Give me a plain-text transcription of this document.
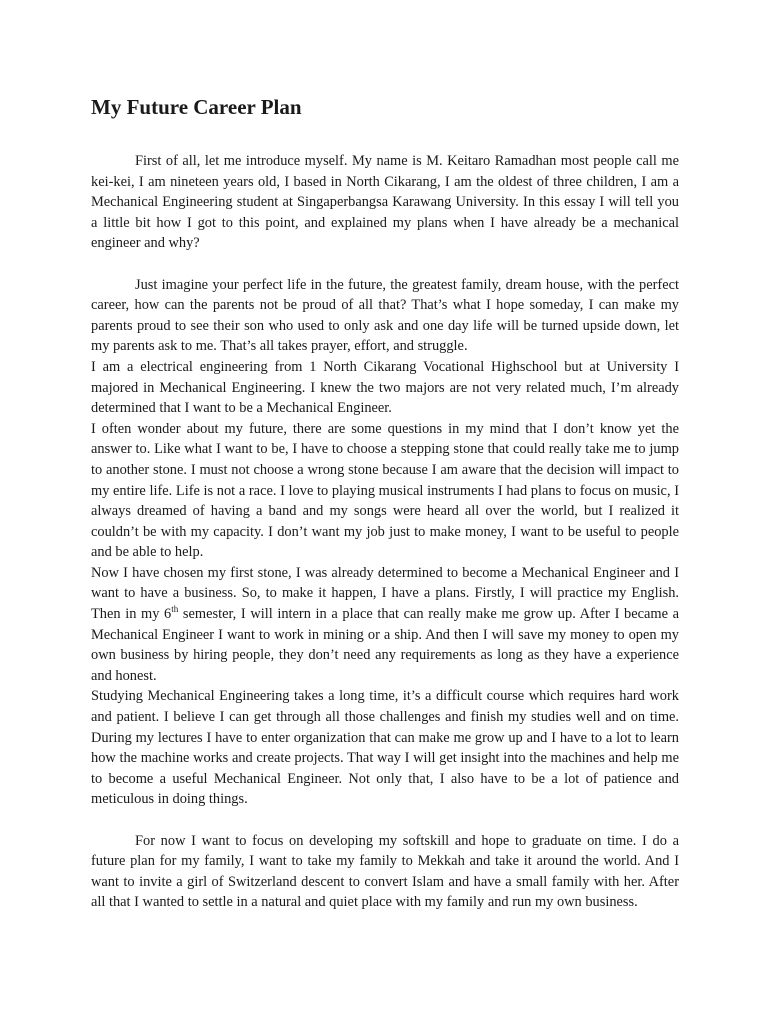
My Future Career Plan

First of all, let me introduce myself. My name is M. Keitaro Ramadhan most people call me kei-kei, I am nineteen years old, I based in North Cikarang, I am the oldest of three children, I am a Mechanical Engineering student at Singaperbangsa Karawang University. In this essay I will tell you a little bit how I got to this point, and explained my plans when I have already be a mechanical engineer and why?

Just imagine your perfect life in the future, the greatest family, dream house, with the perfect career, how can the parents not be proud of all that? That’s what I hope someday, I can make my parents proud to see their son who used to only ask and one day life will be turned upside down, let my parents ask to me. That’s all takes prayer, effort, and struggle.

I am a electrical engineering from 1 North Cikarang Vocational Highschool but at University I majored in Mechanical Engineering. I knew the two majors are not very related much, I’m already determined that I want to be a Mechanical Engineer.

I often wonder about my future, there are some questions in my mind that I don’t know yet the answer to. Like what I want to be, I have to choose a stepping stone that could really take me to jump to another stone. I must not choose a wrong stone because I am aware that the decision will impact to my entire life. Life is not a race. I love to playing musical instruments I had plans to focus on music, I always dreamed of having a band and my songs were heard all over the world, but I realized it couldn’t be with my capacity. I don’t want my job just to make money, I want to be useful to people and be able to help.

Now I have chosen my first stone, I was already determined to become a Mechanical Engineer and I want to have a business. So, to make it happen, I have a plans. Firstly, I will practice my English. Then in my 6th semester, I will intern in a place that can really make me grow up. After I became a Mechanical Engineer I want to work in mining or a ship. And then I will save my money to open my own business by hiring people, they don’t need any requirements as long as they have a experience and honest.

Studying Mechanical Engineering takes a long time, it’s a difficult course which requires hard work and patient. I believe I can get through all those challenges and finish my studies well and on time. During my lectures I have to enter organization that can make me grow up and I have to a lot to learn how the machine works and create projects. That way I will get insight into the machines and help me to become a useful Mechanical Engineer. Not only that, I also have to be a lot of patience and meticulous in doing things.

For now I want to focus on developing my softskill and hope to graduate on time. I do a future plan for my family, I want to take my family to Mekkah and take it around the world. And I want to invite a girl of Switzerland descent to convert Islam and have a small family with her. After all that I wanted to settle in a natural and quiet place with my family and run my own business.
